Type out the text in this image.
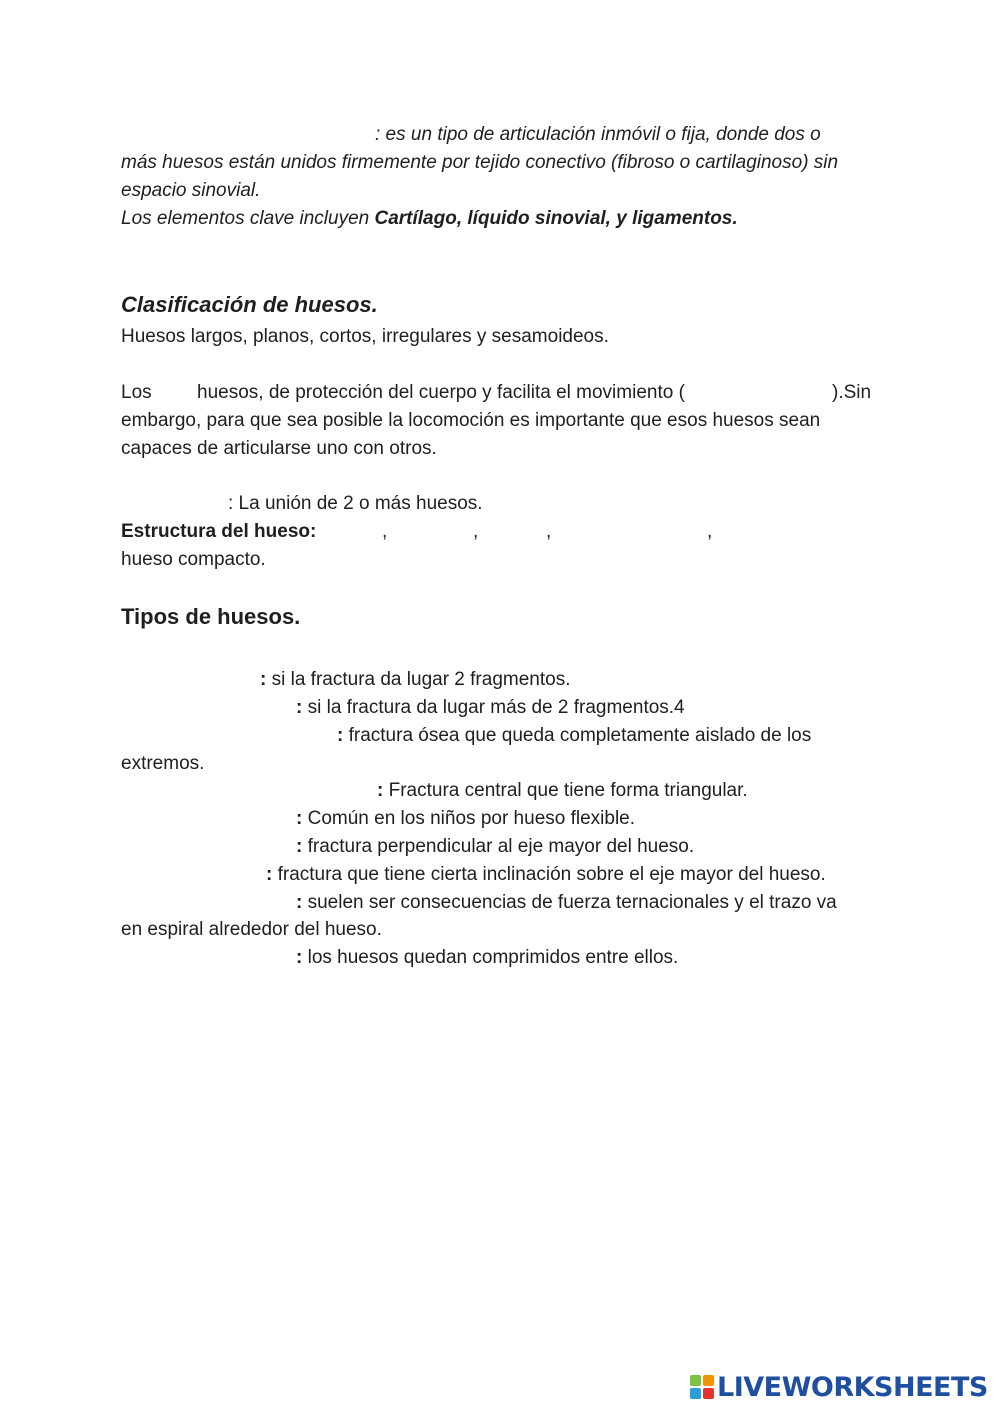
: es un tipo de articulación inmóvil o fija, donde dos o
más huesos están unidos firmemente por tejido conectivo (fibroso o cartilaginoso) sin
espacio sinovial.
Los elementos clave incluyen Cartílago, líquido sinovial, y ligamentos.
Clasificación de huesos.
Huesos largos, planos, cortos, irregulares y sesamoideos.
Los huesos, de protección del cuerpo y facilita el movimiento (	).Sin
embargo, para que sea posible la locomoción es importante que esos huesos sean
capaces de articularse uno con otros.
: La unión de 2 o más huesos.
Estructura del hueso:	,	,	,	,
hueso compacto.
Tipos de huesos.
: si la fractura da lugar 2 fragmentos.
: si la fractura da lugar más de 2 fragmentos.4
: fractura ósea que queda completamente aislado de los
extremos.
: Fractura central que tiene forma triangular.
: Común en los niños por hueso flexible.
: fractura perpendicular al eje mayor del hueso.
: fractura que tiene cierta inclinación sobre el eje mayor del hueso.
: suelen ser consecuencias de fuerza ternacionales y el trazo va
en espiral alrededor del hueso.
: los huesos quedan comprimidos entre ellos.
LIVEWORKSHEETS
